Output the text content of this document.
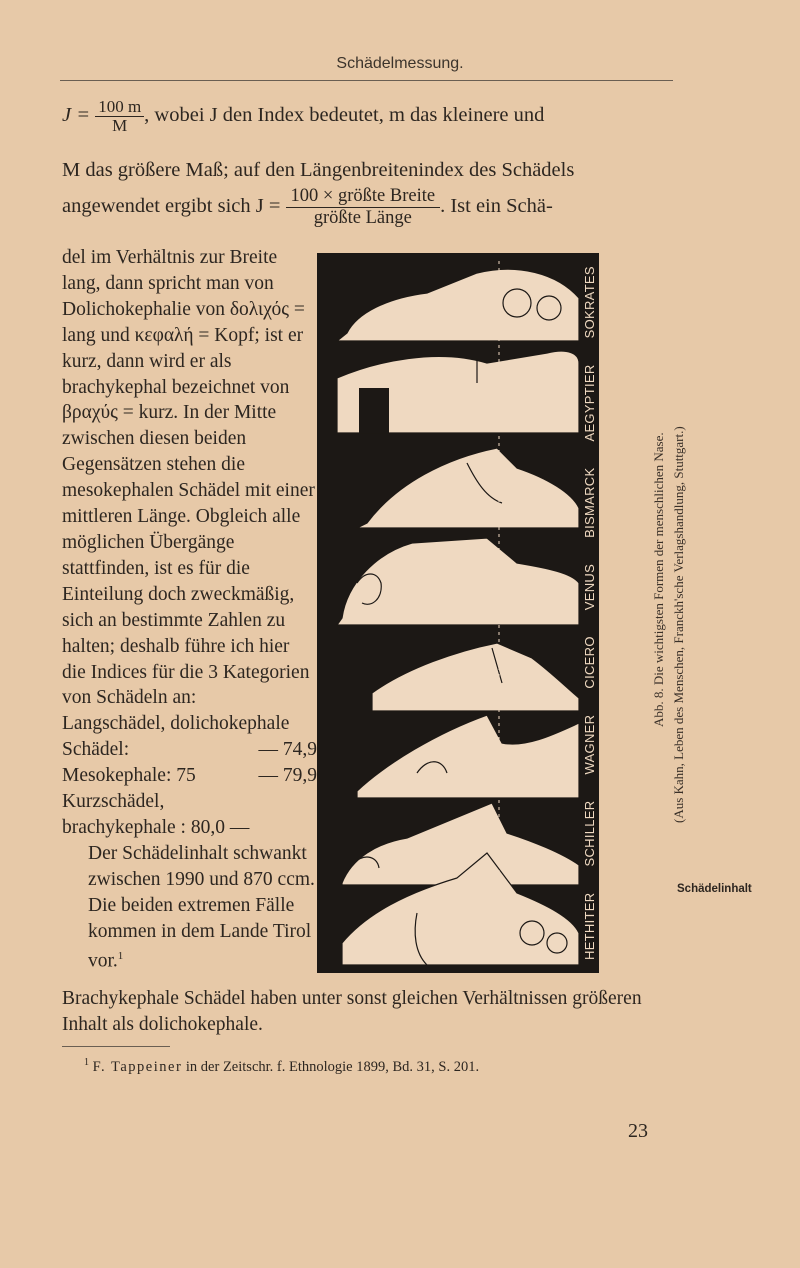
Schädelmessung.
$J = \frac{100 m}{M}$ , wobei J den Index bedeutet, m das kleinere und
M das größere Maß; auf den Längenbreitenindex des Schädels
angewendet ergibt sich $J = \frac{\text{100 × größte Breite}}{\text{größte Länge}}$ . Ist ein Schä-

del im Verhältnis zur Breite lang, dann spricht man von Dolichokephalie von δολιχός = lang und κεφαλή = Kopf; ist er kurz, dann wird er als brachykephal bezeichnet von βραχύς = kurz. In der Mitte zwischen diesen beiden Gegensätzen stehen die mesokephalen Schädel mit einer mittleren Länge. Obgleich alle möglichen Übergänge stattfinden, ist es für die Einteilung doch zweckmäßig, sich an bestimmte Zahlen zu halten; deshalb führe ich hier die Indices für die 3 Kategorien von Schädeln an:

Langschädel, dolichokephale Schädel:	— 74,9

Mesokephale: 75	— 79,9

Kurzschädel,
brachykephale : 80,0 —

Der Schädelinhalt schwankt zwischen 1990 und 870 ccm. Die beiden extremen Fälle kommen in dem Lande Tirol vor.$^1$	HETHITER
SCHILLER
WAGNER
CICERO
VENUS
BISMARCK
AEGYPTIER
SOKRATES
Abb. 8. Die wichtigsten Formen der menschlichen Nase. (Aus Kahn, Leben des Menschen, Franckh'sche Verlagshandlung, Stuttgart.)
Schädelinhalt
Brachykephale Schädel haben unter sonst gleichen Verhältnissen größeren Inhalt als dolichokephale.
$^1$ F. Tappeiner in der Zeitschr. f. Ethnologie 1899, Bd. 31, S. 201.
23
